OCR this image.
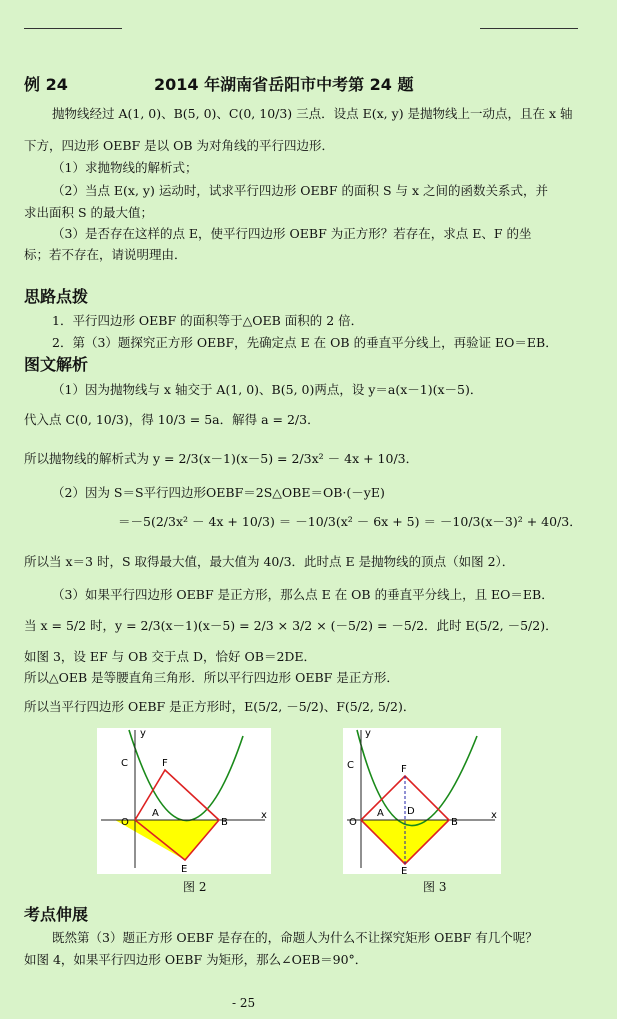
例 24	2014 年湖南省岳阳市中考第 24 题
抛物线经过 A(1, 0)、B(5, 0)、C(0, 10/3) 三点．设点 E(x, y) 是抛物线上一动点，且在 x 轴
下方，四边形 OEBF 是以 OB 为对角线的平行四边形．
（1）求抛物线的解析式；
（2）当点 E(x, y) 运动时，试求平行四边形 OEBF 的面积 S 与 x 之间的函数关系式，并
求出面积 S 的最大值；
（3）是否存在这样的点 E，使平行四边形 OEBF 为正方形？若存在，求点 E、F 的坐
标；若不存在，请说明理由．
思路点拨
1．平行四边形 OEBF 的面积等于△OEB 面积的 2 倍．
2．第（3）题探究正方形 OEBF，先确定点 E 在 OB 的垂直平分线上，再验证 EO＝EB．
图文解析
（1）因为抛物线与 x 轴交于 A(1, 0)、B(5, 0)两点，设 y＝a(x－1)(x－5)．
代入点 C(0, 10/3)，得 10/3 = 5a．解得 a = 2/3．
所以抛物线的解析式为 y = 2/3(x－1)(x－5) = 2/3x² － 4x + 10/3．
（2）因为 S＝S平行四边形OEBF＝2S△OBE＝OB·(－yE)
＝－5(2/3x² － 4x + 10/3) ＝ －10/3(x² － 6x + 5) ＝ －10/3(x－3)² + 40/3．
所以当 x＝3 时，S 取得最大值，最大值为 40/3．此时点 E 是抛物线的顶点（如图 2）．
（3）如果平行四边形 OEBF 是正方形，那么点 E 在 OB 的垂直平分线上，且 EO＝EB．
当 x = 5/2 时，y = 2/3(x－1)(x－5) = 2/3 × 3/2 × (－5/2) = －5/2．此时 E(5/2, －5/2)．
如图 3，设 EF 与 OB 交于点 D，恰好 OB＝2DE．
所以△OEB 是等腰直角三角形．所以平行四边形 OEBF 是正方形．
所以当平行四边形 OEBF 是正方形时，E(5/2, －5/2)、F(5/2, 5/2)．
x
y
O
A
B
C	F
E
图 2
x
y
O
A
B
C
D
F
E
图 3
考点伸展
既然第（3）题正方形 OEBF 是存在的，命题人为什么不让探究矩形 OEBF 有几个呢？
如图 4，如果平行四边形 OEBF 为矩形，那么∠OEB＝90°．
- 25
